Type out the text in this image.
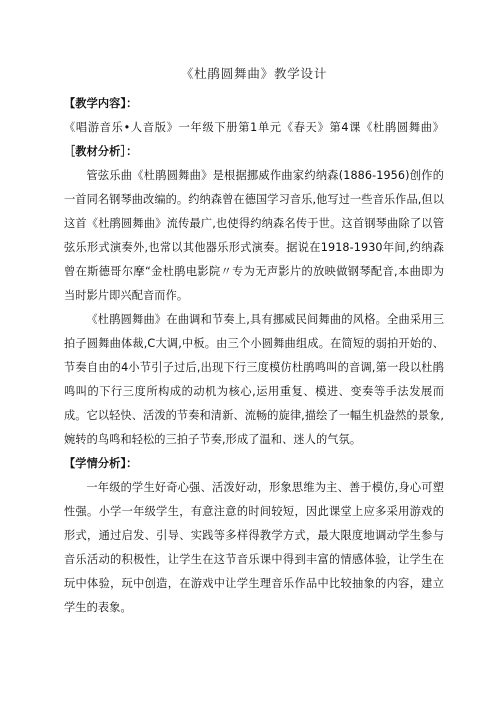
《杜鹃圆舞曲》教学设计

【教学内容】：

《唱游音乐•人音版》一年级下册第1单元《春天》第4课《杜鹃圆舞曲》 ［教材分析］：

管弦乐曲《杜鹃圆舞曲》是根据挪威作曲家约纳森(1886-1956)创作的一首同名钢琴曲改编的。约纳森曾在德国学习音乐,他写过一些音乐作品,但以这首《杜鹃圆舞曲》流传最广,也使得约纳森名传于世。这首钢琴曲除了以管弦乐形式演奏外,也常以其他器乐形式演奏。据说在1918-1930年间,约纳森曾在斯德哥尔摩“金杜鹃电影院〃专为无声影片的放映做钢琴配音,本曲即为当时影片即兴配音而作。

《杜鹃圆舞曲》在曲调和节奏上,具有挪威民间舞曲的风格。全曲采用三拍子圆舞曲体裁,C大调,中板。由三个小圆舞曲组成。在简短的弱拍开始的、节奏自由的4小节引子过后,出现下行三度模仿杜鹃鸣叫的音调,第一段以杜鹃鸣叫的下行三度所构成的动机为核心,运用重复、模进、变奏等手法发展而成。它以轻快、活泼的节奏和清新、流畅的旋律,描绘了一幅生机盎然的景象,婉转的鸟鸣和轻松的三拍子节奏,形成了温和、迷人的气氛。

【学情分析】：

一年级的学生好奇心强、活泼好动，形象思维为主、善于模仿,身心可塑性强。小学一年级学生，有意注意的时间较短，因此课堂上应多采用游戏的形式，通过启发、引导、实践等多样得教学方式，最大限度地调动学生参与音乐活动的积极性，让学生在这节音乐课中得到丰富的情感体验，让学生在玩中体验，玩中创造，在游戏中让学生理音乐作品中比较抽象的内容，建立学生的表象。
